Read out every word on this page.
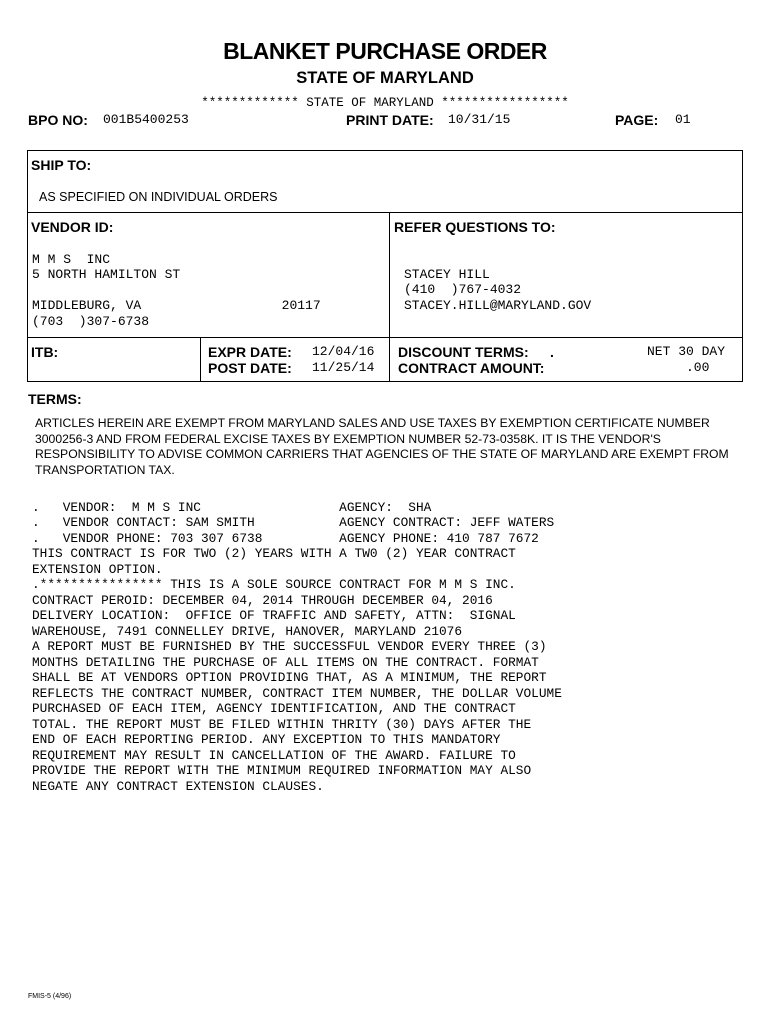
BLANKET PURCHASE ORDER
STATE OF MARYLAND
************* STATE OF MARYLAND *****************
BPO NO: 001B5400253	PRINT DATE: 10/31/15	PAGE: 01
SHIP TO:
AS SPECIFIED ON INDIVIDUAL ORDERS
VENDOR ID:

M M S  INC
5 NORTH HAMILTON ST
MIDDLEBURG, VA                  20117
(703  )307-6738
REFER QUESTIONS TO:

STACEY HILL
(410  )767-4032
STACEY.HILL@MARYLAND.GOV
ITB:	EXPR DATE: 12/04/16
POST DATE: 11/25/14
DISCOUNT TERMS: .	NET 30 DAY
CONTRACT AMOUNT:	.00
TERMS:
ARTICLES HEREIN ARE EXEMPT FROM MARYLAND SALES AND USE TAXES BY EXEMPTION CERTIFICATE NUMBER 3000256-3 AND FROM FEDERAL EXCISE TAXES BY EXEMPTION NUMBER 52-73-0358K. IT IS THE VENDOR'S RESPONSIBILITY TO ADVISE COMMON CARRIERS THAT AGENCIES OF THE STATE OF MARYLAND ARE EXEMPT FROM TRANSPORTATION TAX.

.   VENDOR:  M M S INC                  AGENCY:  SHA
.   VENDOR CONTACT: SAM SMITH           AGENCY CONTRACT: JEFF WATERS
.   VENDOR PHONE: 703 307 6738          AGENCY PHONE: 410 787 7672
THIS CONTRACT IS FOR TWO (2) YEARS WITH A TW0 (2) YEAR CONTRACT
EXTENSION OPTION.
.**************** THIS IS A SOLE SOURCE CONTRACT FOR M M S INC.
CONTRACT PEROID: DECEMBER 04, 2014 THROUGH DECEMBER 04, 2016
DELIVERY LOCATION:  OFFICE OF TRAFFIC AND SAFETY, ATTN:  SIGNAL
WAREHOUSE, 7491 CONNELLEY DRIVE, HANOVER, MARYLAND 21076
A REPORT MUST BE FURNISHED BY THE SUCCESSFUL VENDOR EVERY THREE (3)
MONTHS DETAILING THE PURCHASE OF ALL ITEMS ON THE CONTRACT. FORMAT
SHALL BE AT VENDORS OPTION PROVIDING THAT, AS A MINIMUM, THE REPORT
REFLECTS THE CONTRACT NUMBER, CONTRACT ITEM NUMBER, THE DOLLAR VOLUME
PURCHASED OF EACH ITEM, AGENCY IDENTIFICATION, AND THE CONTRACT
TOTAL. THE REPORT MUST BE FILED WITHIN THRITY (30) DAYS AFTER THE
END OF EACH REPORTING PERIOD. ANY EXCEPTION TO THIS MANDATORY
REQUIREMENT MAY RESULT IN CANCELLATION OF THE AWARD. FAILURE TO
PROVIDE THE REPORT WITH THE MINIMUM REQUIRED INFORMATION MAY ALSO
NEGATE ANY CONTRACT EXTENSION CLAUSES.
FMIS-5 (4/96)
